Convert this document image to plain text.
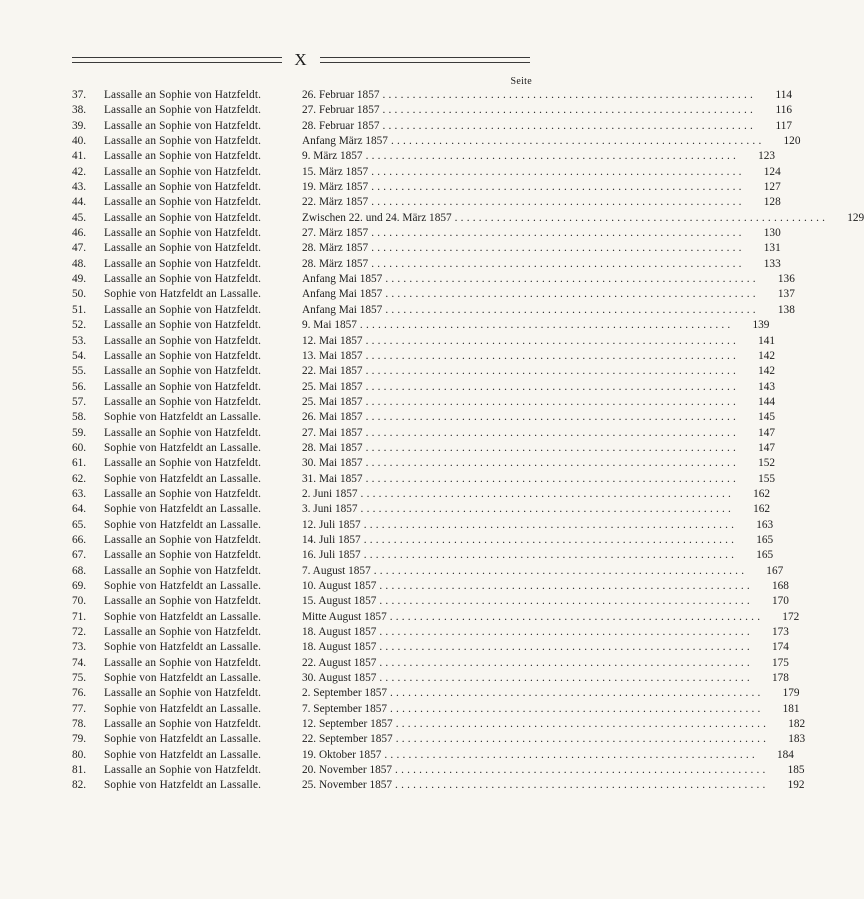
X
Seite
37.	Lassalle an Sophie von Hatzfeldt.	26. Februar 1857 ..............................................................	114
38.	Lassalle an Sophie von Hatzfeldt.	27. Februar 1857 ..............................................................	116
39.	Lassalle an Sophie von Hatzfeldt.	28. Februar 1857 ..............................................................	117
40.	Lassalle an Sophie von Hatzfeldt.	Anfang März 1857 ..............................................................	120
41.	Lassalle an Sophie von Hatzfeldt.	9. März 1857 ..............................................................	123
42.	Lassalle an Sophie von Hatzfeldt.	15. März 1857 ..............................................................	124
43.	Lassalle an Sophie von Hatzfeldt.	19. März 1857 ..............................................................	127
44.	Lassalle an Sophie von Hatzfeldt.	22. März 1857 ..............................................................	128
45.	Lassalle an Sophie von Hatzfeldt.	Zwischen 22. und 24. März 1857 ..............................................................	129
46.	Lassalle an Sophie von Hatzfeldt.	27. März 1857 ..............................................................	130
47.	Lassalle an Sophie von Hatzfeldt.	28. März 1857 ..............................................................	131
48.	Lassalle an Sophie von Hatzfeldt.	28. März 1857 ..............................................................	133
49.	Lassalle an Sophie von Hatzfeldt.	Anfang Mai 1857 ..............................................................	136
50.	Sophie von Hatzfeldt an Lassalle.	Anfang Mai 1857 ..............................................................	137
51.	Lassalle an Sophie von Hatzfeldt.	Anfang Mai 1857 ..............................................................	138
52.	Lassalle an Sophie von Hatzfeldt.	9. Mai 1857 ..............................................................	139
53.	Lassalle an Sophie von Hatzfeldt.	12. Mai 1857 ..............................................................	141
54.	Lassalle an Sophie von Hatzfeldt.	13. Mai 1857 ..............................................................	142
55.	Lassalle an Sophie von Hatzfeldt.	22. Mai 1857 ..............................................................	142
56.	Lassalle an Sophie von Hatzfeldt.	25. Mai 1857 ..............................................................	143
57.	Lassalle an Sophie von Hatzfeldt.	25. Mai 1857 ..............................................................	144
58.	Sophie von Hatzfeldt an Lassalle.	26. Mai 1857 ..............................................................	145
59.	Lassalle an Sophie von Hatzfeldt.	27. Mai 1857 ..............................................................	147
60.	Sophie von Hatzfeldt an Lassalle.	28. Mai 1857 ..............................................................	147
61.	Lassalle an Sophie von Hatzfeldt.	30. Mai 1857 ..............................................................	152
62.	Sophie von Hatzfeldt an Lassalle.	31. Mai 1857 ..............................................................	155
63.	Lassalle an Sophie von Hatzfeldt.	2. Juni 1857 ..............................................................	162
64.	Sophie von Hatzfeldt an Lassalle.	3. Juni 1857 ..............................................................	162
65.	Sophie von Hatzfeldt an Lassalle.	12. Juli 1857 ..............................................................	163
66.	Lassalle an Sophie von Hatzfeldt.	14. Juli 1857 ..............................................................	165
67.	Lassalle an Sophie von Hatzfeldt.	16. Juli 1857 ..............................................................	165
68.	Lassalle an Sophie von Hatzfeldt.	7. August 1857 ..............................................................	167
69.	Sophie von Hatzfeldt an Lassalle.	10. August 1857 ..............................................................	168
70.	Lassalle an Sophie von Hatzfeldt.	15. August 1857 ..............................................................	170
71.	Sophie von Hatzfeldt an Lassalle.	Mitte August 1857 ..............................................................	172
72.	Lassalle an Sophie von Hatzfeldt.	18. August 1857 ..............................................................	173
73.	Sophie von Hatzfeldt an Lassalle.	18. August 1857 ..............................................................	174
74.	Lassalle an Sophie von Hatzfeldt.	22. August 1857 ..............................................................	175
75.	Sophie von Hatzfeldt an Lassalle.	30. August 1857 ..............................................................	178
76.	Lassalle an Sophie von Hatzfeldt.	2. September 1857 ..............................................................	179
77.	Sophie von Hatzfeldt an Lassalle.	7. September 1857 ..............................................................	181
78.	Lassalle an Sophie von Hatzfeldt.	12. September 1857 ..............................................................	182
79.	Sophie von Hatzfeldt an Lassalle.	22. September 1857 ..............................................................	183
80.	Sophie von Hatzfeldt an Lassalle.	19. Oktober 1857 ..............................................................	184
81.	Lassalle an Sophie von Hatzfeldt.	20. November 1857 ..............................................................	185
82.	Sophie von Hatzfeldt an Lassalle.	25. November 1857 ..............................................................	192
